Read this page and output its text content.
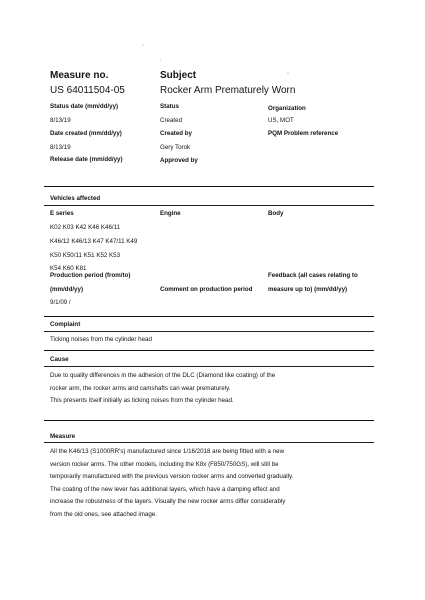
Measure no.	Subject
US 64011504-05	Rocker Arm Prematurely Worn
Status date (mm/dd/yy)	Status	Organization
8/13/19	Created	US, MOT
Date created (mm/dd/yy)	Created by	PQM Problem reference
8/13/19	Gery Torok
Release date (mm/dd/yy)	Approved by
Vehicles affected
E series	Engine	Body
K02 K03 K42 K46 K46/11
K46/12 K46/13 K47 K47/11 K49
K50 K50/11 K51 K52 K53
K54 K60 K81
Production period (from/to)	Feedback (all cases relating to
(mm/dd/yy)	Comment on production period	measure up to) (mm/dd/yy)
9/1/09 /
Complaint
Ticking noises from the cylinder head
Cause
Due to quality differences in the adhesion of the DLC (Diamond like coating) of the
rocker arm, the rocker arms and camshafts can wear prematurely.
This presents itself initially as ticking noises from the cylinder head.
Measure
All the K46/13 (S1000RR's) manufactured since 1/16/2018 are being fitted with a new
version rocker arms. The other models, including the K8x (F850/750GS), will still be
temporarily manufactured with the previous version rocker arms and converted gradually.
The coating of the new lever has additional layers, which have a damping effect and
increase the robustness of the layers. Visually the new rocker arms differ considerably
from the old ones, see attached image.
